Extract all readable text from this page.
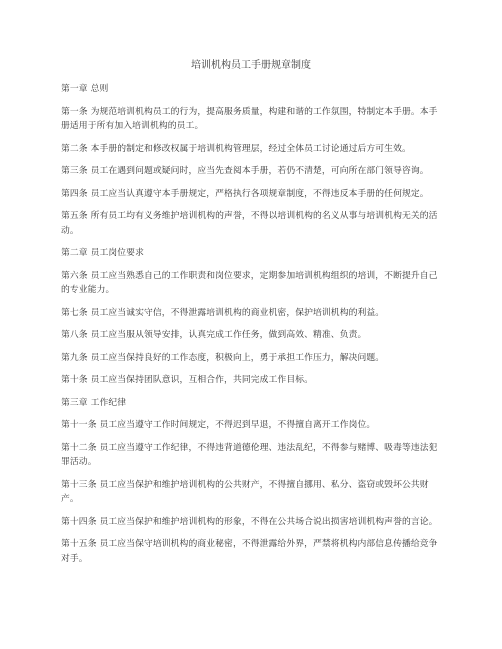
培训机构员工手册规章制度

第一章 总则

第一条 为规范培训机构员工的行为，提高服务质量，构建和谐的工作氛围，特制定本手册。本手册适用于所有加入培训机构的员工。

第二条 本手册的制定和修改权属于培训机构管理层，经过全体员工讨论通过后方可生效。

第三条 员工在遇到问题或疑问时，应当先查阅本手册，若仍不清楚，可向所在部门领导咨询。

第四条 员工应当认真遵守本手册规定，严格执行各项规章制度，不得违反本手册的任何规定。

第五条 所有员工均有义务维护培训机构的声誉，不得以培训机构的名义从事与培训机构无关的活动。

第二章 员工岗位要求

第六条 员工应当熟悉自己的工作职责和岗位要求，定期参加培训机构组织的培训，不断提升自己的专业能力。

第七条 员工应当诚实守信，不得泄露培训机构的商业机密，保护培训机构的利益。

第八条 员工应当服从领导安排，认真完成工作任务，做到高效、精准、负责。

第九条 员工应当保持良好的工作态度，积极向上，勇于承担工作压力，解决问题。

第十条 员工应当保持团队意识，互相合作，共同完成工作目标。

第三章 工作纪律

第十一条 员工应当遵守工作时间规定，不得迟到早退，不得擅自离开工作岗位。

第十二条 员工应当遵守工作纪律，不得违背道德伦理、违法乱纪，不得参与赌博、吸毒等违法犯罪活动。

第十三条 员工应当保护和维护培训机构的公共财产，不得擅自挪用、私分、盗窃或毁坏公共财产。

第十四条 员工应当保护和维护培训机构的形象，不得在公共场合说出损害培训机构声誉的言论。

第十五条 员工应当保守培训机构的商业秘密，不得泄露给外界，严禁将机构内部信息传播给竞争对手。
